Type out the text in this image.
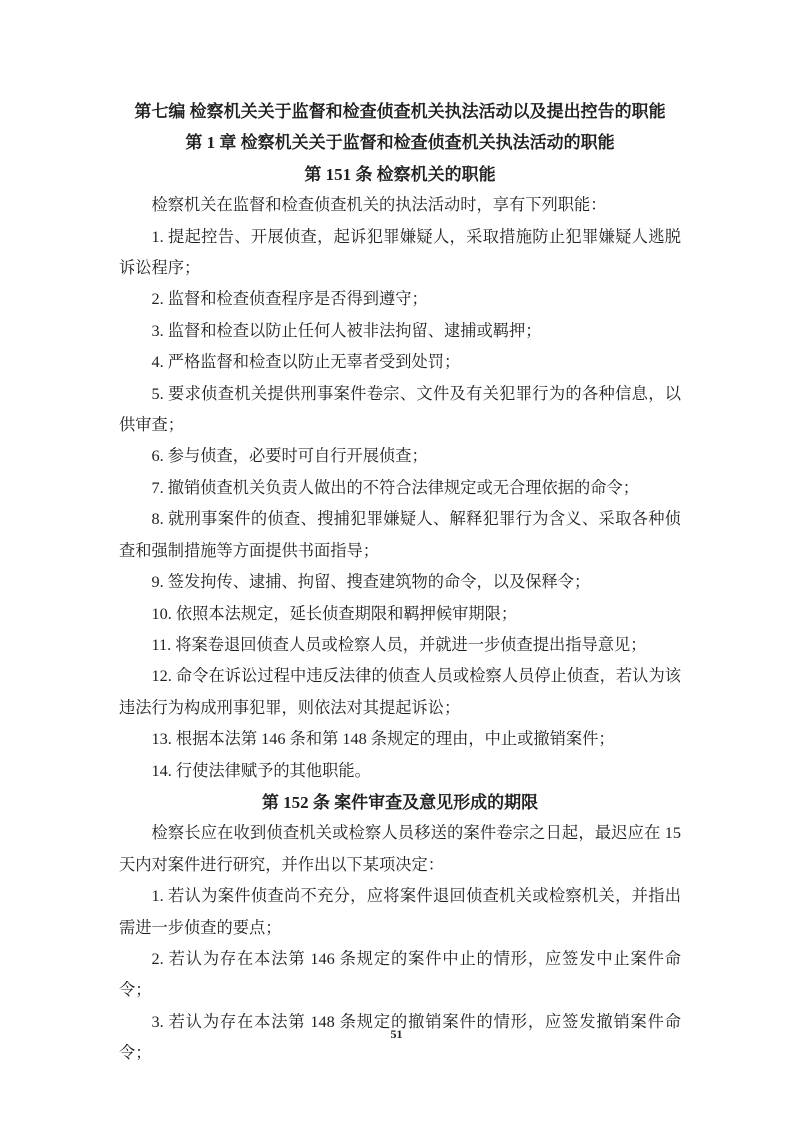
第七编 检察机关关于监督和检查侦查机关执法活动以及提出控告的职能
第 1 章 检察机关关于监督和检查侦查机关执法活动的职能
第 151 条 检察机关的职能

检察机关在监督和检查侦查机关的执法活动时，享有下列职能：

1. 提起控告、开展侦查，起诉犯罪嫌疑人，采取措施防止犯罪嫌疑人逃脱诉讼程序；

2. 监督和检查侦查程序是否得到遵守；

3. 监督和检查以防止任何人被非法拘留、逮捕或羁押；

4. 严格监督和检查以防止无辜者受到处罚；

5. 要求侦查机关提供刑事案件卷宗、文件及有关犯罪行为的各种信息，以供审查；

6. 参与侦查，必要时可自行开展侦查；

7. 撤销侦查机关负责人做出的不符合法律规定或无合理依据的命令；

8. 就刑事案件的侦查、搜捕犯罪嫌疑人、解释犯罪行为含义、采取各种侦查和强制措施等方面提供书面指导；

9. 签发拘传、逮捕、拘留、搜查建筑物的命令，以及保释令；

10. 依照本法规定，延长侦查期限和羁押候审期限；

11. 将案卷退回侦查人员或检察人员，并就进一步侦查提出指导意见；

12. 命令在诉讼过程中违反法律的侦查人员或检察人员停止侦查，若认为该违法行为构成刑事犯罪，则依法对其提起诉讼；

13. 根据本法第 146 条和第 148 条规定的理由，中止或撤销案件；

14. 行使法律赋予的其他职能。

第 152 条 案件审查及意见形成的期限

检察长应在收到侦查机关或检察人员移送的案件卷宗之日起，最迟应在 15 天内对案件进行研究，并作出以下某项决定：

1. 若认为案件侦查尚不充分，应将案件退回侦查机关或检察机关，并指出需进一步侦查的要点；

2. 若认为存在本法第 146 条规定的案件中止的情形，应签发中止案件命令；

3. 若认为存在本法第 148 条规定的撤销案件的情形，应签发撤销案件命令；

51
